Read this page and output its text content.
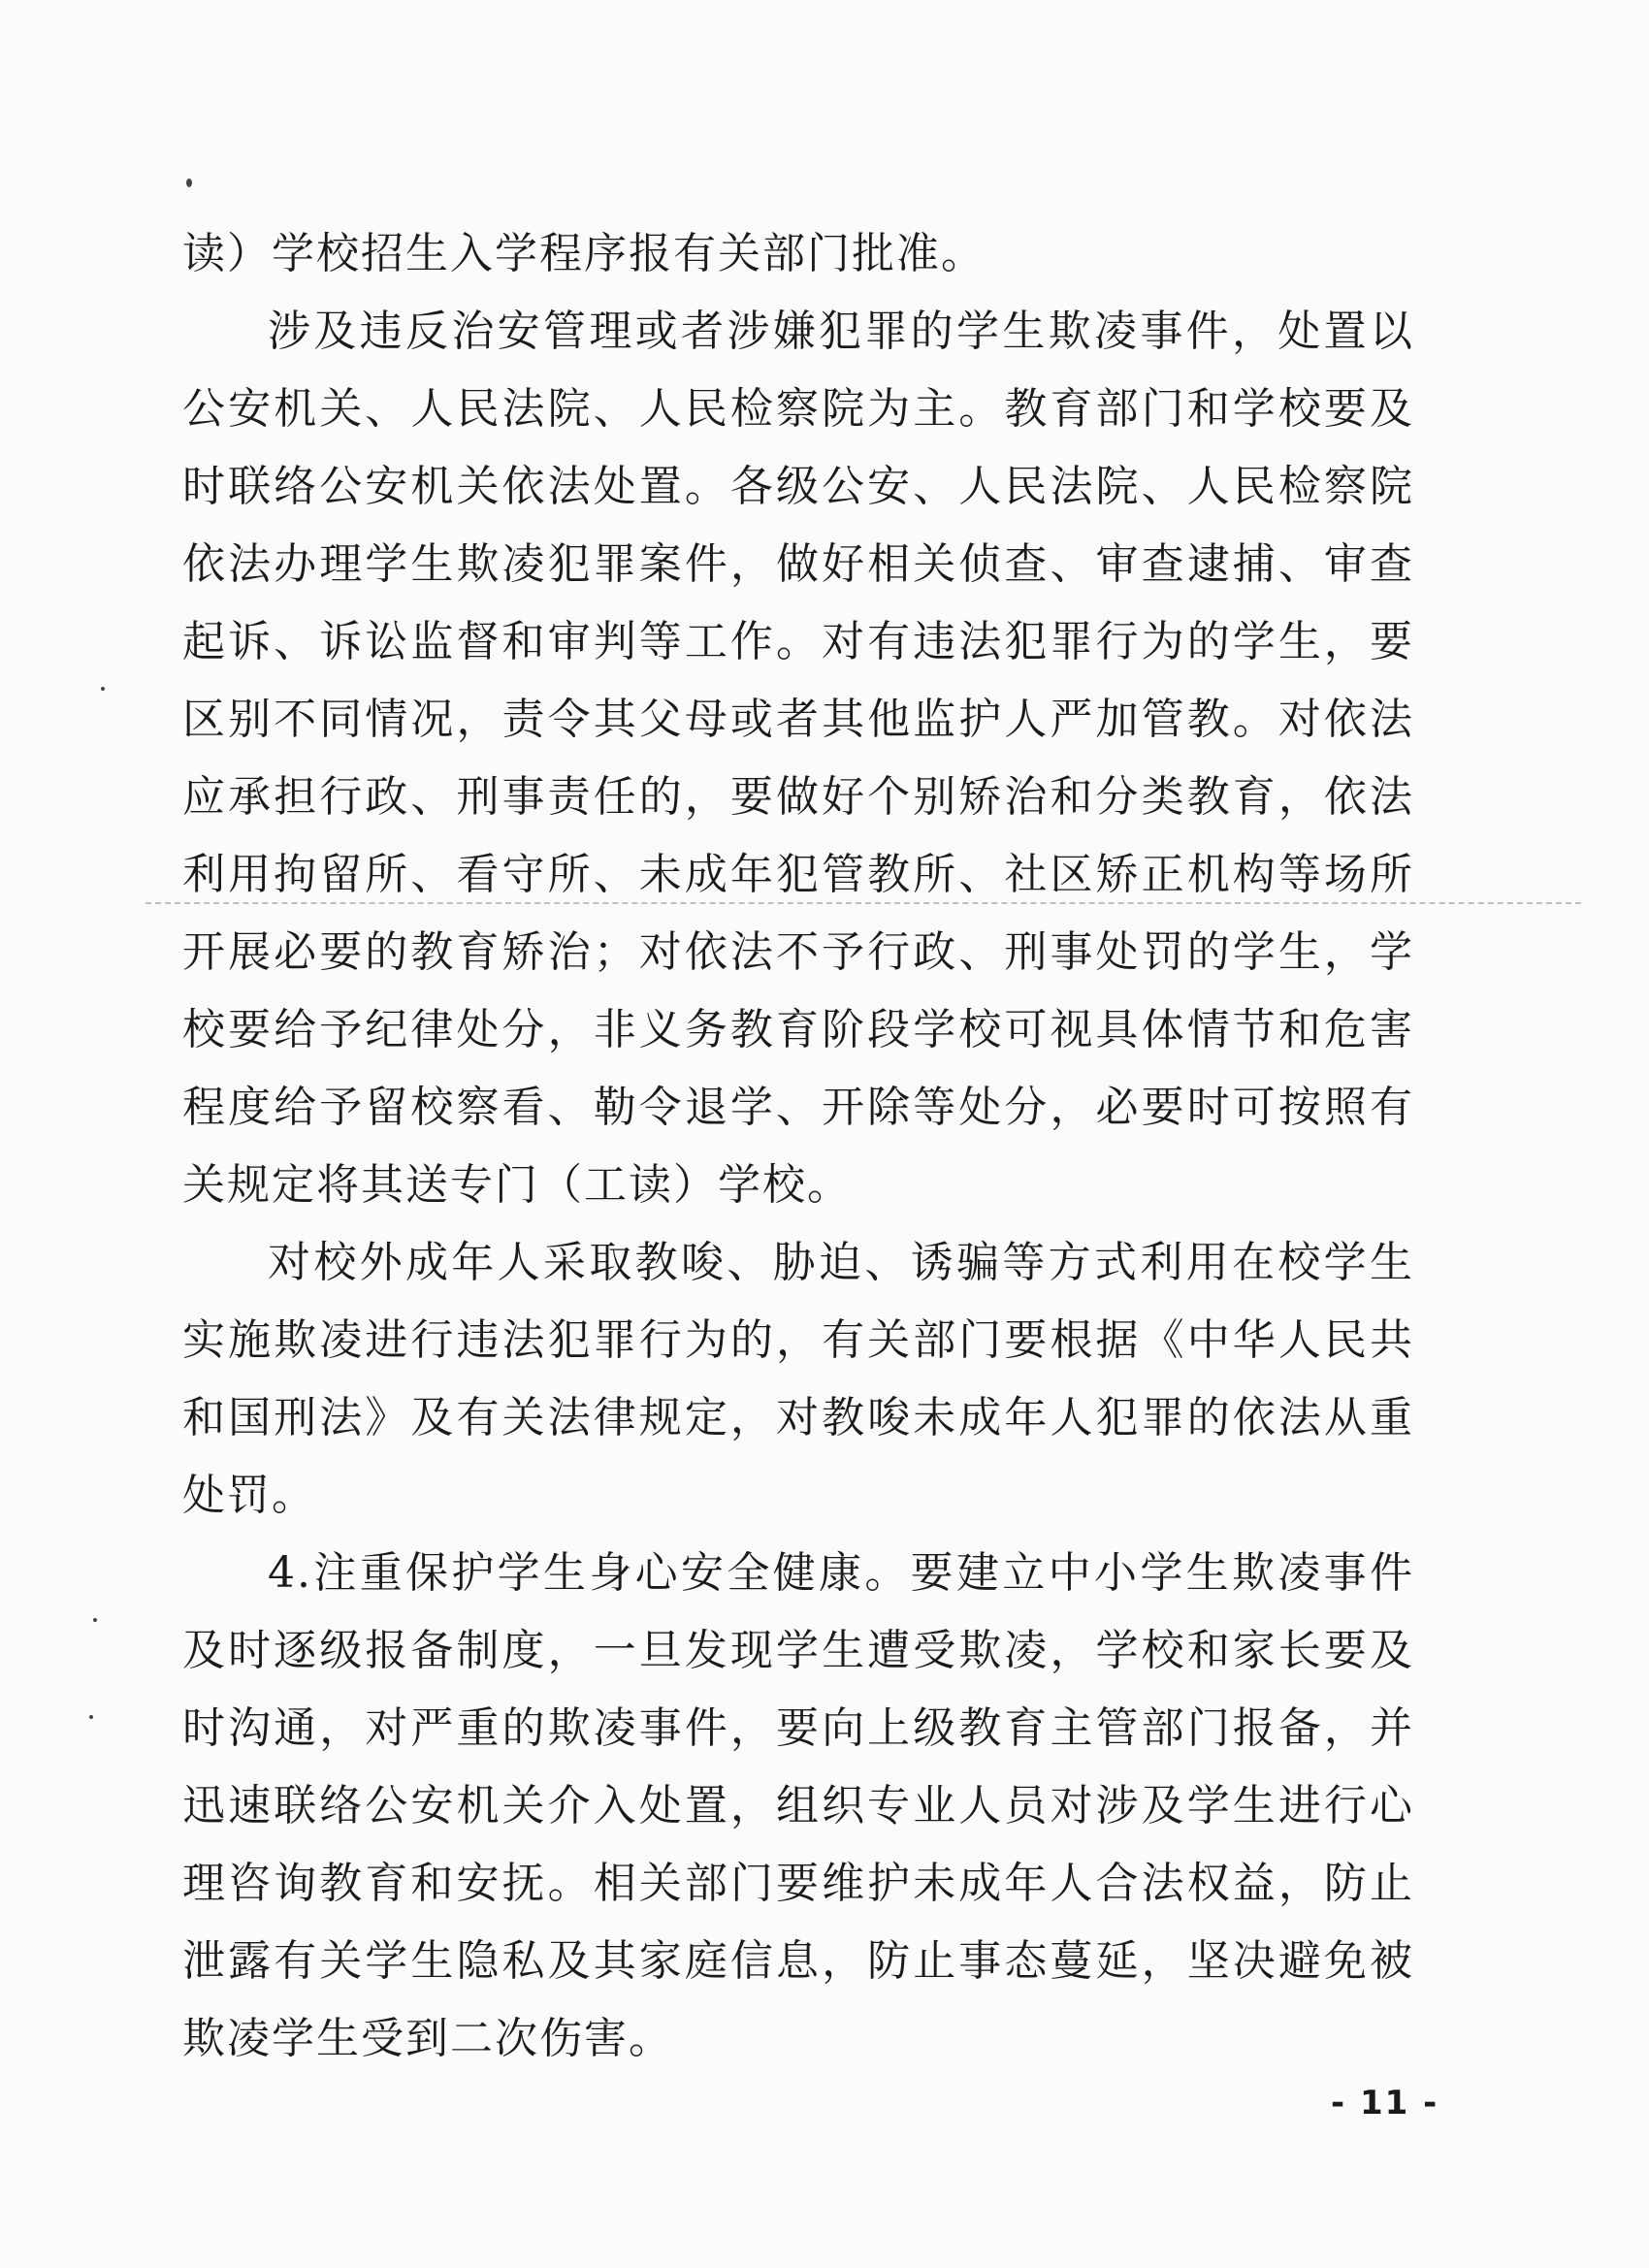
读）学校招生入学程序报有关部门批准。

涉及违反治安管理或者涉嫌犯罪的学生欺凌事件，处置以公安机关、人民法院、人民检察院为主。教育部门和学校要及时联络公安机关依法处置。各级公安、人民法院、人民检察院依法办理学生欺凌犯罪案件，做好相关侦查、审查逮捕、审查起诉、诉讼监督和审判等工作。对有违法犯罪行为的学生，要区别不同情况，责令其父母或者其他监护人严加管教。对依法应承担行政、刑事责任的，要做好个别矫治和分类教育，依法利用拘留所、看守所、未成年犯管教所、社区矫正机构等场所开展必要的教育矫治；对依法不予行政、刑事处罚的学生，学校要给予纪律处分，非义务教育阶段学校可视具体情节和危害程度给予留校察看、勒令退学、开除等处分，必要时可按照有关规定将其送专门（工读）学校。

对校外成年人采取教唆、胁迫、诱骗等方式利用在校学生实施欺凌进行违法犯罪行为的，有关部门要根据《中华人民共和国刑法》及有关法律规定，对教唆未成年人犯罪的依法从重处罚。

4.注重保护学生身心安全健康。要建立中小学生欺凌事件及时逐级报备制度，一旦发现学生遭受欺凌，学校和家长要及时沟通，对严重的欺凌事件，要向上级教育主管部门报备，并迅速联络公安机关介入处置，组织专业人员对涉及学生进行心理咨询教育和安抚。相关部门要维护未成年人合法权益，防止泄露有关学生隐私及其家庭信息，防止事态蔓延，坚决避免被欺凌学生受到二次伤害。

- 11 -
